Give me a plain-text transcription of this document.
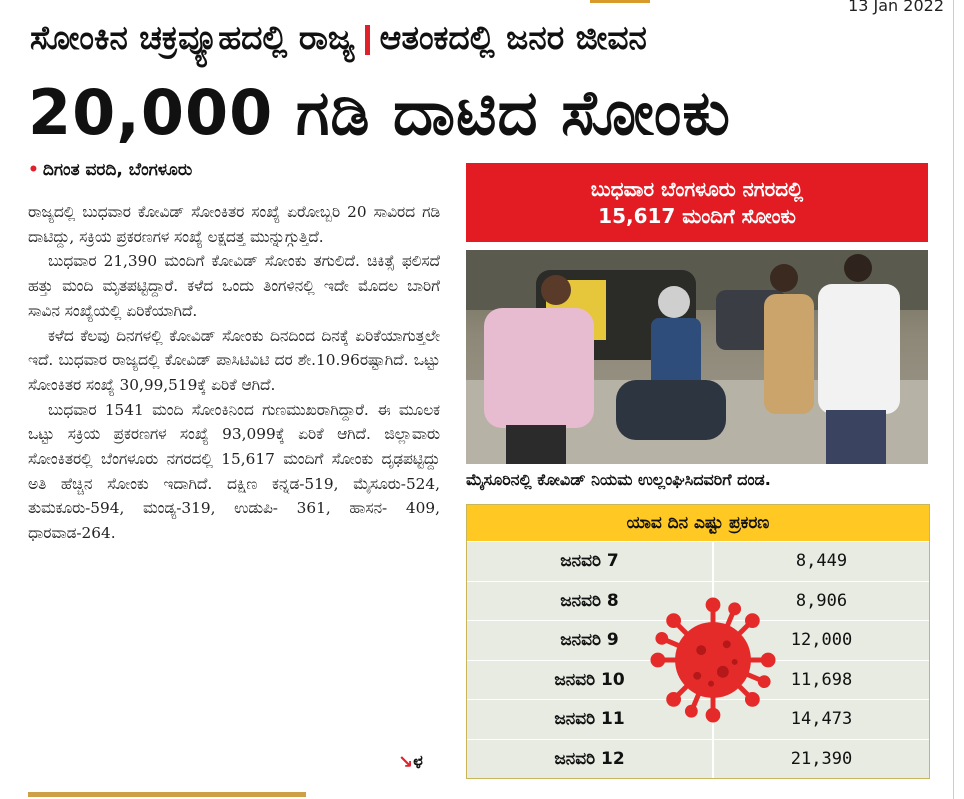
13 Jan 2022
ಸೋಂಕಿನ ಚಕ್ರವ್ಯೂಹದಲ್ಲಿ ರಾಜ್ಯ ಆತಂಕದಲ್ಲಿ ಜನರ ಜೀವನ
20,000 ಗಡಿ ದಾಟಿದ ಸೋಂಕು
• ದಿಗಂತ ವರದಿ, ಬೆಂಗಳೂರು

ರಾಜ್ಯದಲ್ಲಿ ಬುಧವಾರ ಕೋವಿಡ್ ಸೋಂಕಿತರ ಸಂಖ್ಯೆ ಏರೋಬ್ಬರಿ 20 ಸಾವಿರದ ಗಡಿ ದಾಟಿದ್ದು, ಸಕ್ರಿಯ ಪ್ರಕರಣಗಳ ಸಂಖ್ಯೆ ಲಕ್ಷದತ್ತ ಮುನ್ನುಗ್ಗುತ್ತಿದೆ.

ಬುಧವಾರ 21,390 ಮಂದಿಗೆ ಕೋವಿಡ್ ಸೋಂಕು ತಗುಲಿದೆ. ಚಿಕಿತ್ಸೆ ಫಲಿಸದೆ ಹತ್ತು ಮಂದಿ ಮೃತಪಟ್ಟಿದ್ದಾರೆ. ಕಳೆದ ಒಂದು ತಿಂಗಳಿನಲ್ಲಿ ಇದೇ ಮೊದಲ ಬಾರಿಗೆ ಸಾವಿನ ಸಂಖ್ಯೆಯಲ್ಲಿ ಏರಿಕೆಯಾಗಿದೆ.

ಕಳೆದ ಕೆಲವು ದಿನಗಳಲ್ಲಿ ಕೋವಿಡ್ ಸೋಂಕು ದಿನದಿಂದ ದಿನಕ್ಕೆ ಏರಿಕೆಯಾಗುತ್ತಲೇ ಇದೆ. ಬುಧವಾರ ರಾಜ್ಯದಲ್ಲಿ ಕೋವಿಡ್ ಪಾಸಿಟಿವಿಟಿ ದರ ಶೇ.10.96ರಷ್ಟಾಗಿದೆ. ಒಟ್ಟು ಸೋಂಕಿತರ ಸಂಖ್ಯೆ 30,99,519ಕ್ಕೆ ಏರಿಕೆ ಆಗಿದೆ.

ಬುಧವಾರ 1541 ಮಂದಿ ಸೋಂಕಿನಿಂದ ಗುಣಮುಖರಾಗಿದ್ದಾರೆ. ಈ ಮೂಲಕ ಒಟ್ಟು ಸಕ್ರಿಯ ಪ್ರಕರಣಗಳ ಸಂಖ್ಯೆ 93,099ಕ್ಕೆ ಏರಿಕೆ ಆಗಿದೆ. ಜಿಲ್ಲಾವಾರು ಸೋಂಕಿತರಲ್ಲಿ ಬೆಂಗಳೂರು ನಗರದಲ್ಲಿ 15,617 ಮಂದಿಗೆ ಸೋಂಕು ದೃಢಪಟ್ಟಿದ್ದು ಅತಿ ಹೆಚ್ಚಿನ ಸೋಂಕು ಇದಾಗಿದೆ. ದಕ್ಷಿಣ ಕನ್ನಡ-519, ಮೈಸೂರು-524, ತುಮಕೂರು-594, ಮಂಡ್ಯ-319, ಉಡುಪಿ- 361, ಹಾಸನ- 409, ಧಾರವಾಡ-264.

↘ಳ
ಬುಧವಾರ ಬೆಂಗಳೂರು ನಗರದಲ್ಲಿ
15,617 ಮಂದಿಗೆ ಸೋಂಕು
ಮೈಸೂರಿನಲ್ಲಿ ಕೋವಿಡ್ ನಿಯಮ ಉಲ್ಲಂಘಿಸಿದವರಿಗೆ ದಂಡ.
ಯಾವ ದಿನ ಎಷ್ಟು ಪ್ರಕರಣ
ಜನವರಿ 7	8,449
ಜನವರಿ 8	8,906
ಜನವರಿ 9	12,000
ಜನವರಿ 10	11,698
ಜನವರಿ 11	14,473
ಜನವರಿ 12	21,390
